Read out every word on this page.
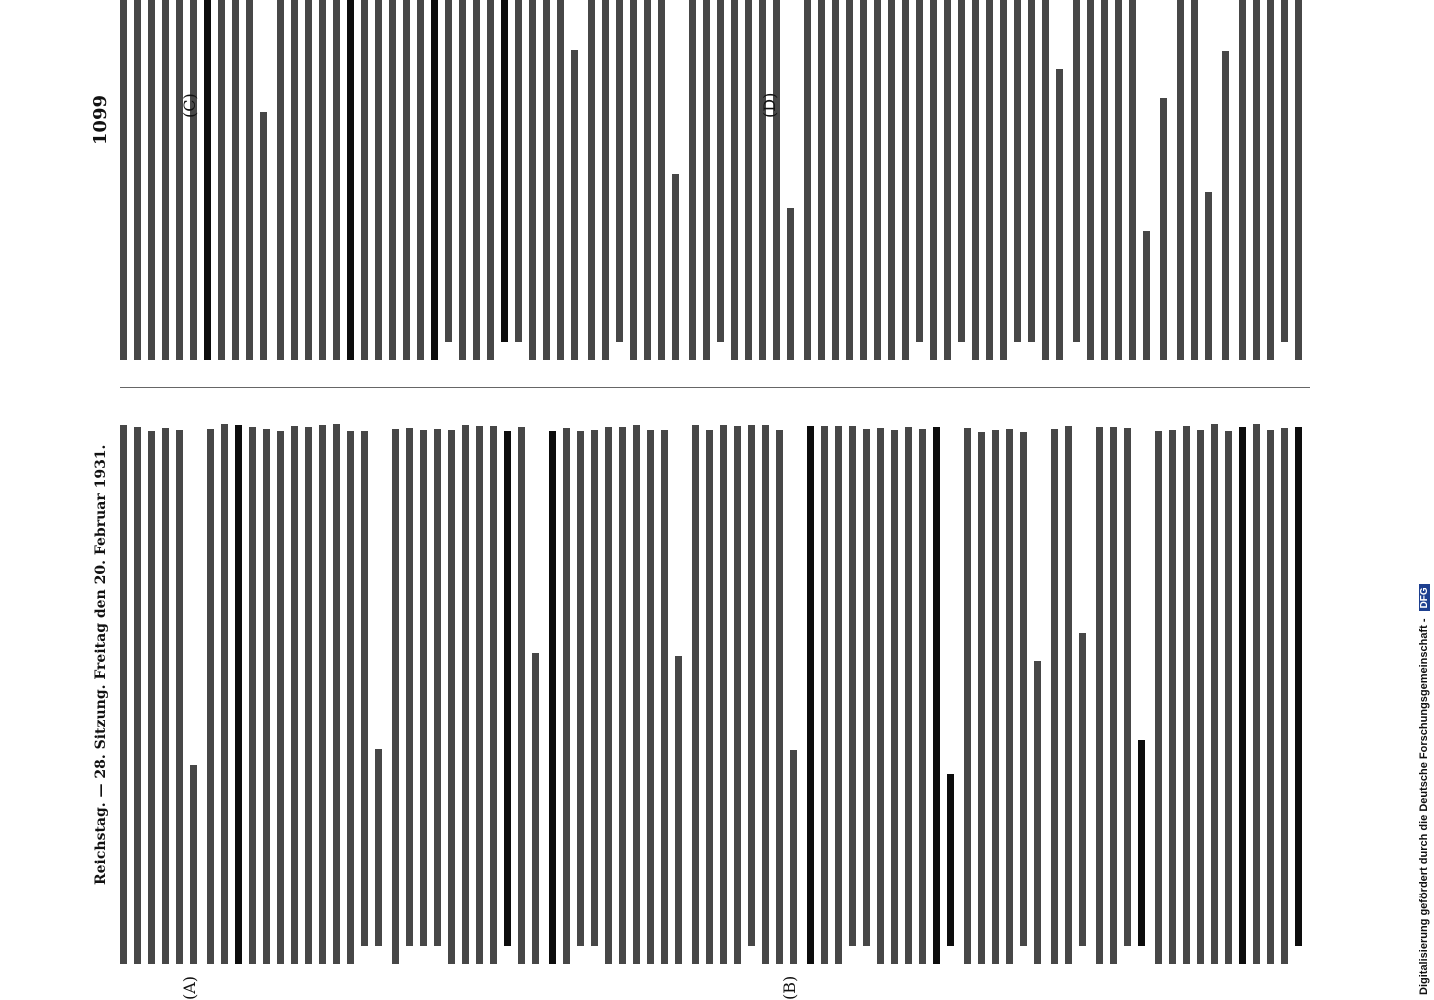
Reichstag. — 28. Sitzung. Freitag den 20. Februar 1931.
1099
(A)	(B)
(C)	(D)
Digitalisierung gefördert durch die Deutsche Forschungsgemeinschaft - DFG
